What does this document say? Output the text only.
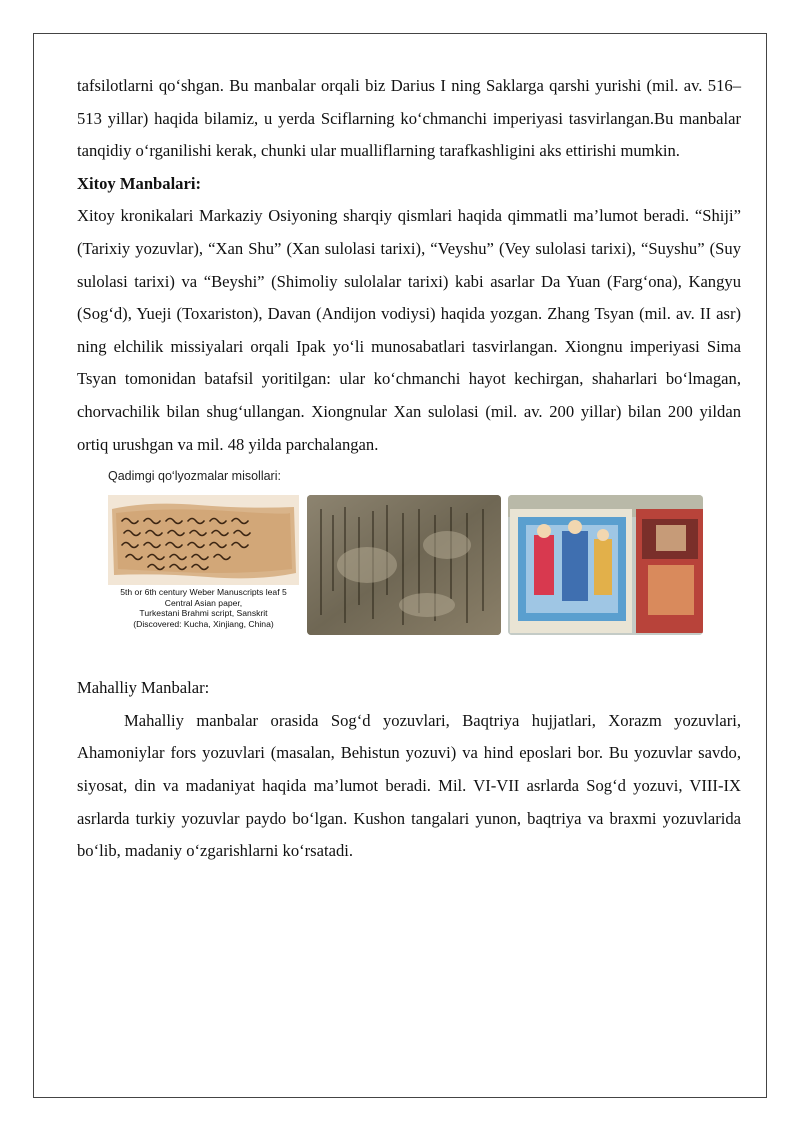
tafsilotlarni qo‘shgan. Bu manbalar orqali biz Darius I ning Saklarga qarshi yurishi (mil. av. 516–513 yillar) haqida bilamiz, u yerda Sciflarning ko‘chmanchi imperiyasi tasvirlangan.Bu manbalar tanqidiy o‘rganilishi kerak, chunki ular mualliflarning tarafkashligini aks ettirishi mumkin.

Xitoy Manbalari:

Xitoy kronikalari Markaziy Osiyoning sharqiy qismlari haqida qimmatli ma’lumot beradi. “Shiji” (Tarixiy yozuvlar), “Xan Shu” (Xan sulolasi tarixi), “Veyshu” (Vey sulolasi tarixi), “Suyshu” (Suy sulolasi tarixi) va “Beyshi” (Shimoliy sulolalar tarixi) kabi asarlar Da Yuan (Farg‘ona), Kangyu (Sog‘d), Yueji (Toxariston), Davan (Andijon vodiysi) haqida yozgan. Zhang Tsyan (mil. av. II asr) ning elchilik missiyalari orqali Ipak yo‘li munosabatlari tasvirlangan. Xiongnu imperiyasi Sima Tsyan tomonidan batafsil yoritilgan: ular ko‘chmanchi hayot kechirgan, shaharlari bo‘lmagan, chorvachilik bilan shug‘ullangan. Xiongnular Xan sulolasi (mil. av. 200 yillar) bilan 200 yildan ortiq urushgan va mil. 48 yilda parchalangan.

Qadimgi qo‘lyozmalar misollari:
5th or 6th century Weber Manuscripts leaf 5
Central Asian paper,
Turkestani Brahmi script, Sanskrit
(Discovered: Kucha, Xinjiang, China)

Mahalliy Manbalar:

Mahalliy manbalar orasida Sog‘d yozuvlari, Baqtriya hujjatlari, Xorazm yozuvlari, Ahamoniylar fors yozuvlari (masalan, Behistun yozuvi) va hind eposlari bor. Bu yozuvlar savdo, siyosat, din va madaniyat haqida ma’lumot beradi. Mil. VI-VII asrlarda Sog‘d yozuvi, VIII-IX asrlarda turkiy yozuvlar paydo bo‘lgan. Kushon tangalari yunon, baqtriya va braxmi yozuvlarida bo‘lib, madaniy o‘zgarishlarni ko‘rsatadi.
